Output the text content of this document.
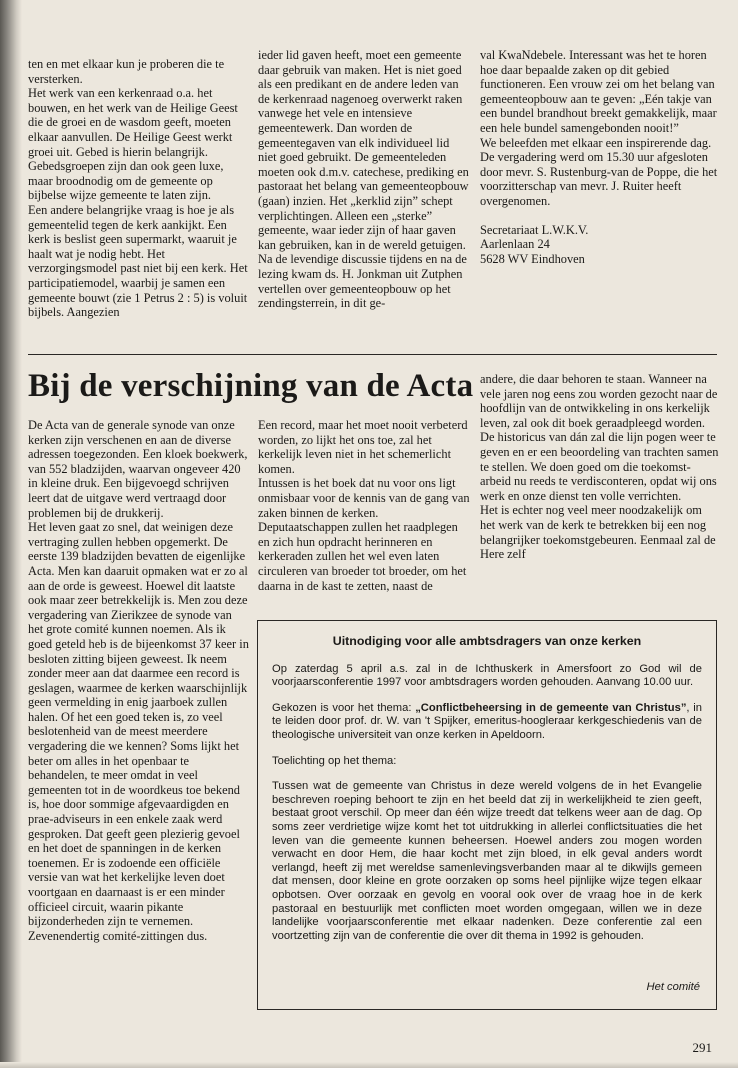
ten en met elkaar kun je proberen die te versterken.
Het werk van een kerkenraad o.a. het bouwen, en het werk van de Heilige Geest die de groei en de wasdom geeft, moeten elkaar aanvullen. De Heilige Geest werkt groei uit. Gebed is hierin belangrijk. Gebedsgroepen zijn dan ook geen luxe, maar broodnodig om de gemeente op bijbelse wijze gemeente te laten zijn.
Een andere belangrijke vraag is hoe je als gemeentelid tegen de kerk aankijkt. Een kerk is beslist geen supermarkt, waaruit je haalt wat je nodig hebt. Het verzorgingsmodel past niet bij een kerk. Het participatiemodel, waarbij je samen een gemeente bouwt (zie 1 Petrus 2 : 5) is voluit bijbels. Aangezien
ieder lid gaven heeft, moet een gemeente daar gebruik van maken. Het is niet goed als een predikant en de andere leden van de kerkenraad nagenoeg overwerkt raken vanwege het vele en intensieve gemeentewerk. Dan worden de gemeentegaven van elk individueel lid niet goed gebruikt. De gemeenteleden moeten ook d.m.v. catechese, prediking en pastoraat het belang van gemeenteopbouw (gaan) inzien. Het „kerklid zijn” schept verplichtingen. Alleen een „sterke” gemeente, waar ieder zijn of haar gaven kan gebruiken, kan in de wereld getuigen.
Na de levendige discussie tijdens en na de lezing kwam ds. H. Jonkman uit Zutphen vertellen over gemeenteopbouw op het zendingsterrein, in dit ge-
val KwaNdebele. Interessant was het te horen hoe daar bepaalde zaken op dit gebied functioneren. Een vrouw zei om het belang van gemeenteopbouw aan te geven: „Eén takje van een bundel brandhout breekt gemakkelijk, maar een hele bundel samengebonden nooit!”
We beleefden met elkaar een inspirerende dag.
De vergadering werd om 15.30 uur afgesloten door mevr. S. Rustenburg-van de Poppe, die het voorzitterschap van mevr. J. Ruiter heeft overgenomen.
Secretariaat L.W.K.V.
Aarlenlaan 24
5628 WV Eindhoven
Bij de verschijning van de Acta
De Acta van de generale synode van onze kerken zijn verschenen en aan de diverse adressen toegezonden. Een kloek boekwerk, van 552 bladzijden, waarvan ongeveer 420 in kleine druk. Een bijgevoegd schrijven leert dat de uitgave werd vertraagd door problemen bij de drukkerij.
Het leven gaat zo snel, dat weinigen deze vertraging zullen hebben opgemerkt. De eerste 139 bladzijden bevatten de eigenlijke Acta. Men kan daaruit opmaken wat er zo al aan de orde is geweest. Hoewel dit laatste ook maar zeer betrekkelijk is. Men zou deze vergadering van Zierikzee de synode van het grote comité kunnen noemen. Als ik goed geteld heb is de bijeenkomst 37 keer in besloten zitting bijeen geweest. Ik neem zonder meer aan dat daarmee een record is geslagen, waarmee de kerken waarschijnlijk geen vermelding in enig jaarboek zullen halen. Of het een goed teken is, zo veel beslotenheid van de meest meerdere vergadering die we kennen? Soms lijkt het beter om alles in het openbaar te behandelen, te meer omdat in veel gemeenten tot in de woordkeus toe bekend is, hoe door sommige afgevaardigden en prae-adviseurs in een enkele zaak werd gesproken. Dat geeft geen plezierig gevoel en het doet de spanningen in de kerken toenemen. Er is zodoende een officiële versie van wat het kerkelijke leven doet voortgaan en daarnaast is er een minder officieel circuit, waarin pikante bijzonderheden zijn te vernemen.
Zevenendertig comité-zittingen dus.
Een record, maar het moet nooit verbeterd worden, zo lijkt het ons toe, zal het kerkelijk leven niet in het schemerlicht komen.
Intussen is het boek dat nu voor ons ligt onmisbaar voor de kennis van de gang van zaken binnen de kerken. Deputaatschappen zullen het raadplegen en zich hun opdracht herinneren en kerkeraden zullen het wel even laten circuleren van broeder tot broeder, om het daarna in de kast te zetten, naast de
andere, die daar behoren te staan. Wanneer na vele jaren nog eens zou worden gezocht naar de hoofdlijn van de ontwikkeling in ons kerkelijk leven, zal ook dit boek geraadpleegd worden. De historicus van dán zal die lijn pogen weer te geven en er een beoordeling van trachten samen te stellen. We doen goed om die toekomst-arbeid nu reeds te verdisconteren, opdat wij ons werk en onze dienst ten volle verrichten.
Het is echter nog veel meer noodzakelijk om het werk van de kerk te betrekken bij een nog belangrijker toekomstgebeuren. Eenmaal zal de Here zelf
Uitnodiging voor alle ambtsdragers van onze kerken
Op zaterdag 5 april a.s. zal in de Ichthuskerk in Amersfoort zo God wil de voorjaarsconferentie 1997 voor ambtsdragers worden gehouden. Aanvang 10.00 uur.
Gekozen is voor het thema: „Conflictbeheersing in de gemeente van Christus”, in te leiden door prof. dr. W. van 't Spijker, emeritus-hoogleraar kerkgeschiedenis van de theologische universiteit van onze kerken in Apeldoorn.
Toelichting op het thema:
Tussen wat de gemeente van Christus in deze wereld volgens de in het Evangelie beschreven roeping behoort te zijn en het beeld dat zij in werkelijkheid te zien geeft, bestaat groot verschil. Op meer dan één wijze treedt dat telkens weer aan de dag. Op soms zeer verdrietige wijze komt het tot uitdrukking in allerlei conflictsituaties die het leven van die gemeente kunnen beheersen. Hoewel anders zou mogen worden verwacht en door Hem, die haar kocht met zijn bloed, in elk geval anders wordt verlangd, heeft zij met wereldse samenlevingsverbanden maar al te dikwijls gemeen dat mensen, door kleine en grote oorzaken op soms heel pijnlijke wijze tegen elkaar opbotsen. Over oorzaak en gevolg en vooral ook over de vraag hoe in de kerk pastoraal en bestuurlijk met conflicten moet worden omgegaan, willen we in deze landelijke voorjaarsconferentie met elkaar nadenken. Deze conferentie zal een voortzetting zijn van de conferentie die over dit thema in 1992 is gehouden.
Het comité
291
